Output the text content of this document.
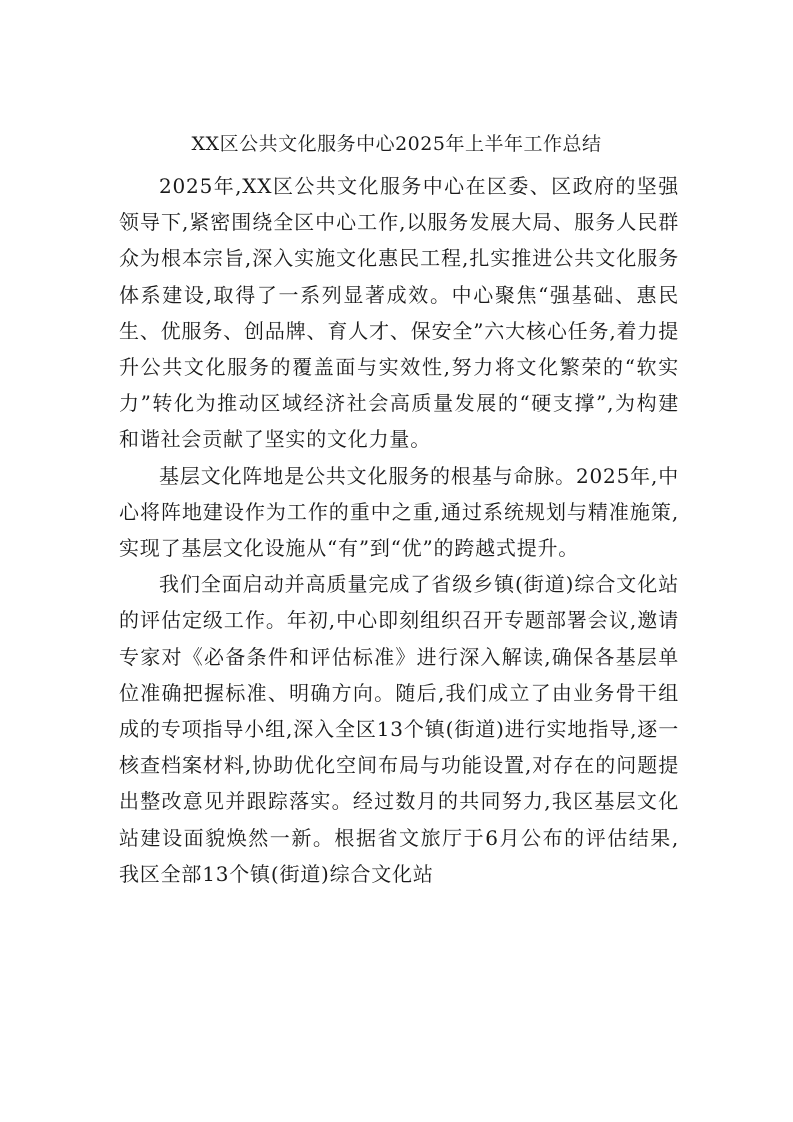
XX区公共文化服务中心2025年上半年工作总结

2025年,XX区公共文化服务中心在区委、区政府的坚强领导下,紧密围绕全区中心工作,以服务发展大局、服务人民群众为根本宗旨,深入实施文化惠民工程,扎实推进公共文化服务体系建设,取得了一系列显著成效。中心聚焦“强基础、惠民生、优服务、创品牌、育人才、保安全”六大核心任务,着力提升公共文化服务的覆盖面与实效性,努力将文化繁荣的“软实力”转化为推动区域经济社会高质量发展的“硬支撑”,为构建和谐社会贡献了坚实的文化力量。

基层文化阵地是公共文化服务的根基与命脉。2025年,中心将阵地建设作为工作的重中之重,通过系统规划与精准施策,实现了基层文化设施从“有”到“优”的跨越式提升。

我们全面启动并高质量完成了省级乡镇(街道)综合文化站的评估定级工作。年初,中心即刻组织召开专题部署会议,邀请专家对《必备条件和评估标准》进行深入解读,确保各基层单位准确把握标准、明确方向。随后,我们成立了由业务骨干组成的专项指导小组,深入全区13个镇(街道)进行实地指导,逐一核查档案材料,协助优化空间布局与功能设置,对存在的问题提出整改意见并跟踪落实。经过数月的共同努力,我区基层文化站建设面貌焕然一新。根据省文旅厅于6月公布的评估结果,我区全部13个镇(街道)综合文化站
